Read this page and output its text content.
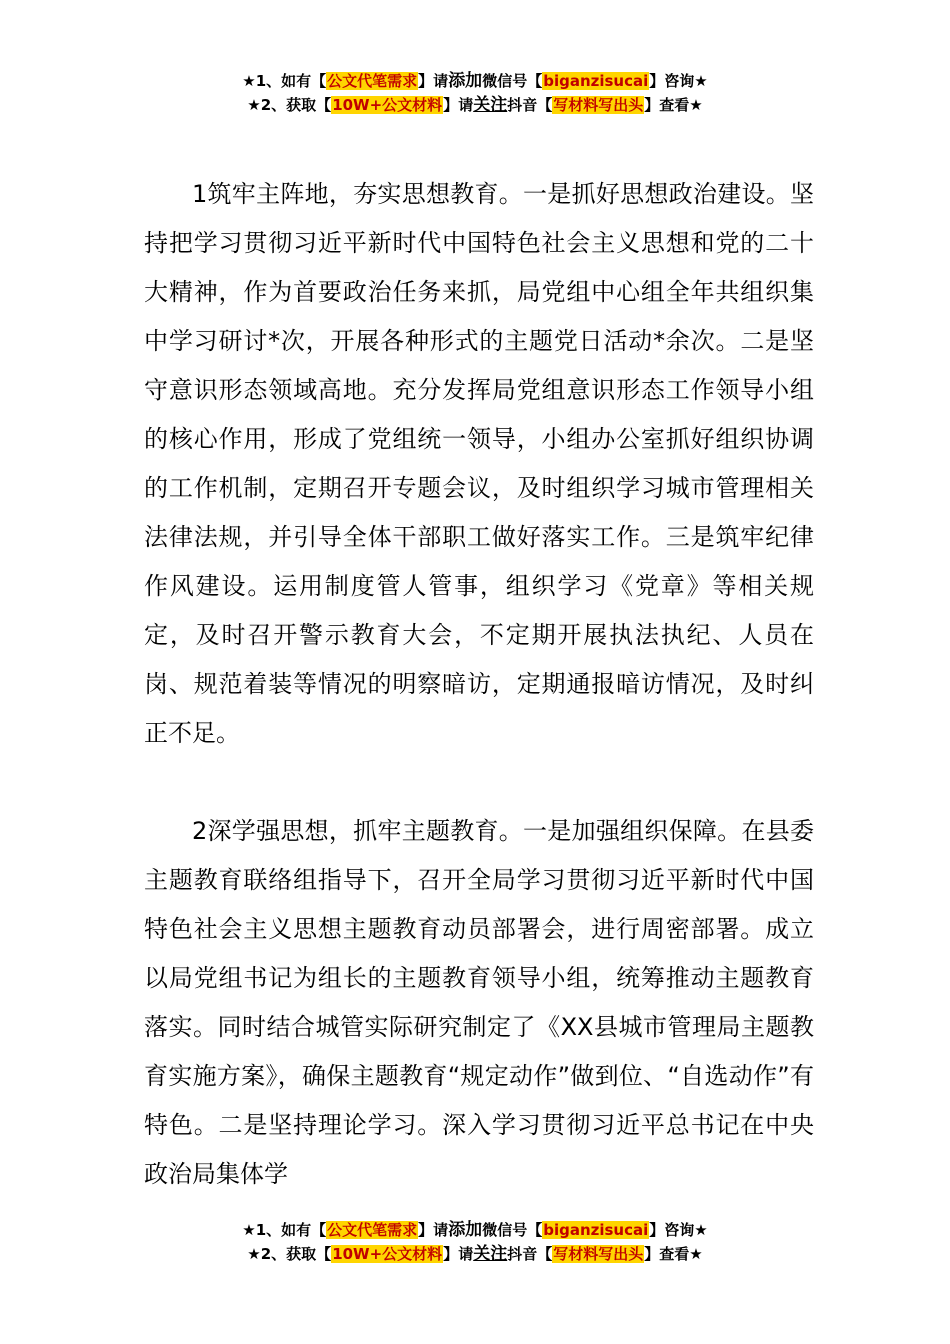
★1、如有【公文代笔需求】请添加微信号【biganzisucai】咨询★
★2、获取【10W+公文材料】请关注抖音【写材料写出头】查看★

1筑牢主阵地，夯实思想教育。一是抓好思想政治建设。坚持把学习贯彻习近平新时代中国特色社会主义思想和党的二十大精神，作为首要政治任务来抓，局党组中心组全年共组织集中学习研讨*次，开展各种形式的主题党日活动*余次。二是坚守意识形态领域高地。充分发挥局党组意识形态工作领导小组的核心作用，形成了党组统一领导，小组办公室抓好组织协调的工作机制，定期召开专题会议，及时组织学习城市管理相关法律法规，并引导全体干部职工做好落实工作。三是筑牢纪律作风建设。运用制度管人管事，组织学习《党章》等相关规定，及时召开警示教育大会，不定期开展执法执纪、人员在岗、规范着装等情况的明察暗访，定期通报暗访情况，及时纠正不足。

2深学强思想，抓牢主题教育。一是加强组织保障。在县委主题教育联络组指导下，召开全局学习贯彻习近平新时代中国特色社会主义思想主题教育动员部署会，进行周密部署。成立以局党组书记为组长的主题教育领导小组，统筹推动主题教育落实。同时结合城管实际研究制定了《XX县城市管理局主题教育实施方案》，确保主题教育“规定动作”做到位、“自选动作”有特色。二是坚持理论学习。深入学习贯彻习近平总书记在中央政治局集体学

★1、如有【公文代笔需求】请添加微信号【biganzisucai】咨询★
★2、获取【10W+公文材料】请关注抖音【写材料写出头】查看★
